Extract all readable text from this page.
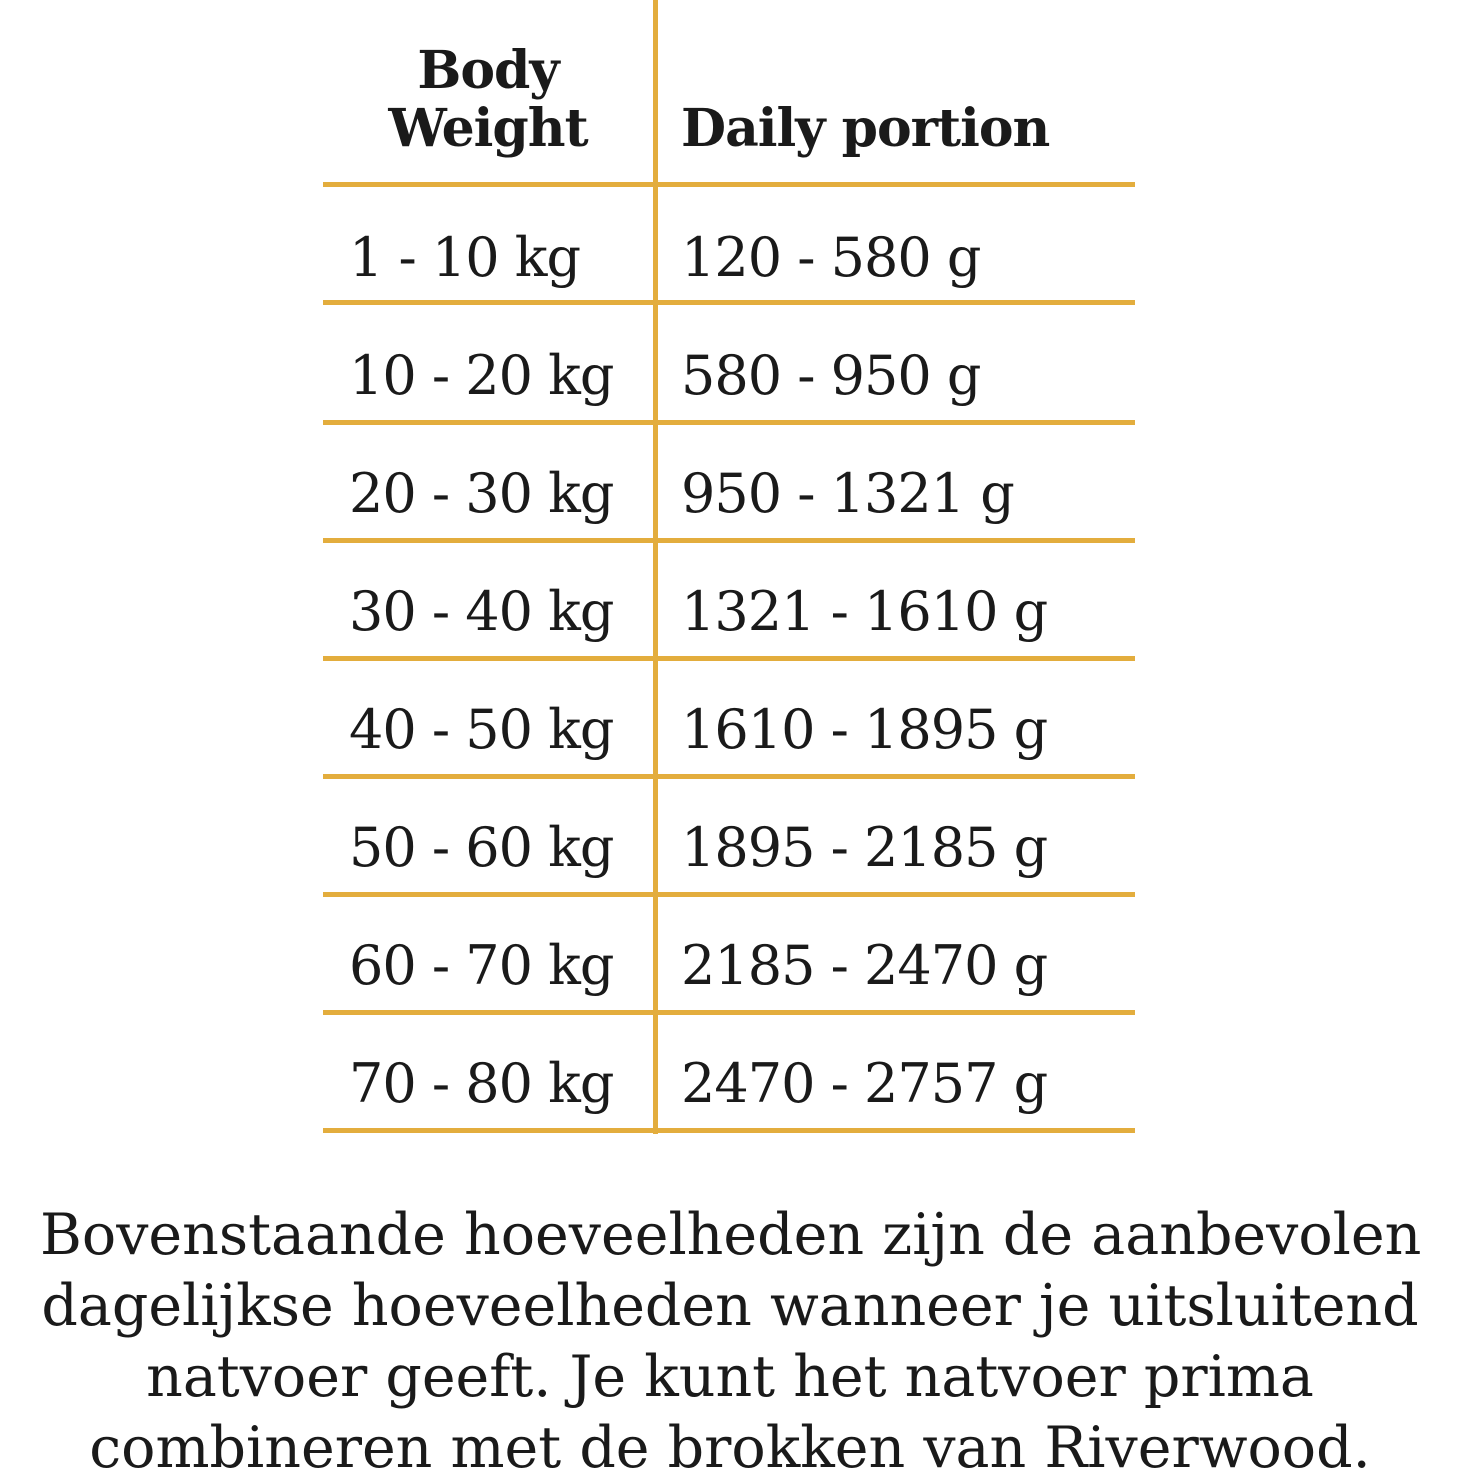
Body
Weight	Daily portion
1 - 10 kg 120 - 580 g
10 - 20 kg 580 - 950 g
20 - 30 kg 950 - 1321 g
30 - 40 kg 1321 - 1610 g
40 - 50 kg 1610 - 1895 g
50 - 60 kg 1895 - 2185 g
60 - 70 kg 2185 - 2470 g
70 - 80 kg 2470 - 2757 g
Bovenstaande hoeveelheden zijn de aanbevolen
dagelijkse hoeveelheden wanneer je uitsluitend
natvoer geeft. Je kunt het natvoer prima
combineren met de brokken van Riverwood.
